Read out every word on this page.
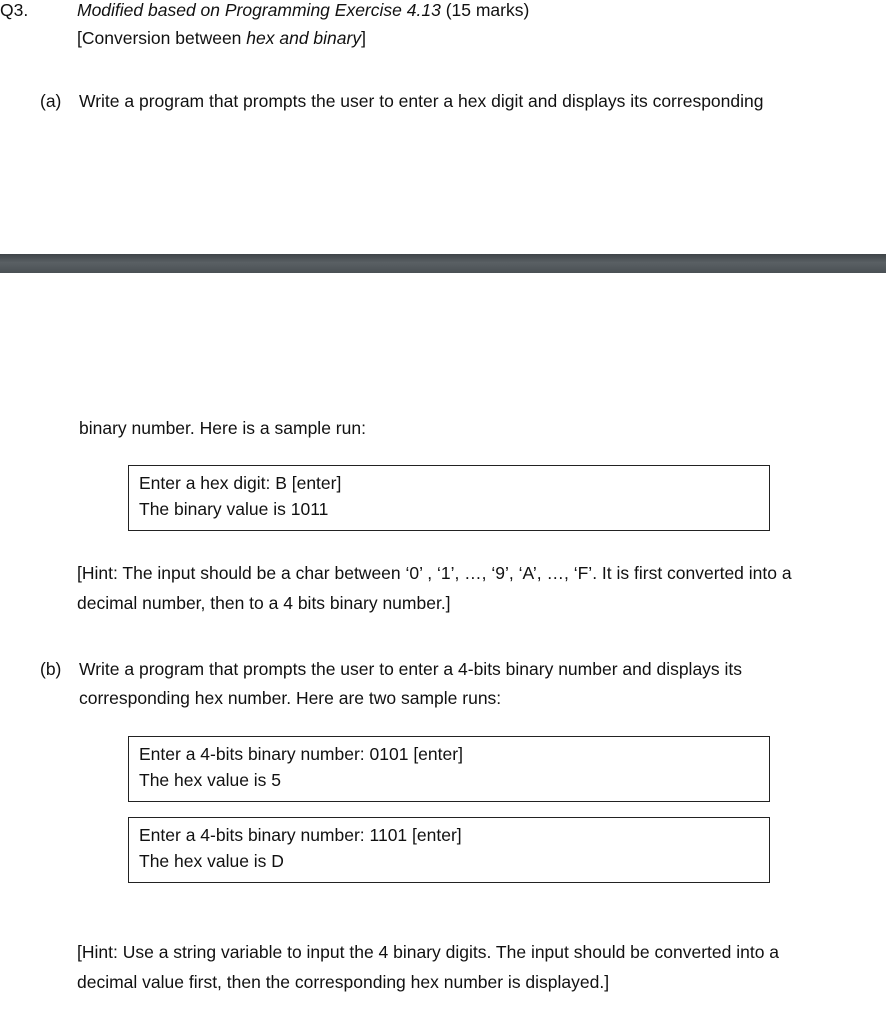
Q3.	Modified based on Programming Exercise 4.13 (15 marks)
[Conversion between hex and binary]
(a) Write a program that prompts the user to enter a hex digit and displays its corresponding
binary number. Here is a sample run:
Enter a hex digit: B [enter]
The binary value is 1011
[Hint: The input should be a char between ‘0’ , ‘1’, …, ‘9’, ‘A’, …, ‘F’. It is first converted into a
decimal number, then to a 4 bits binary number.]
(b) Write a program that prompts the user to enter a 4-bits binary number and displays its
corresponding hex number. Here are two sample runs:
Enter a 4-bits binary number: 0101 [enter]
The hex value is 5
Enter a 4-bits binary number: 1101 [enter]
The hex value is D
[Hint: Use a string variable to input the 4 binary digits. The input should be converted into a
decimal value first, then the corresponding hex number is displayed.]
